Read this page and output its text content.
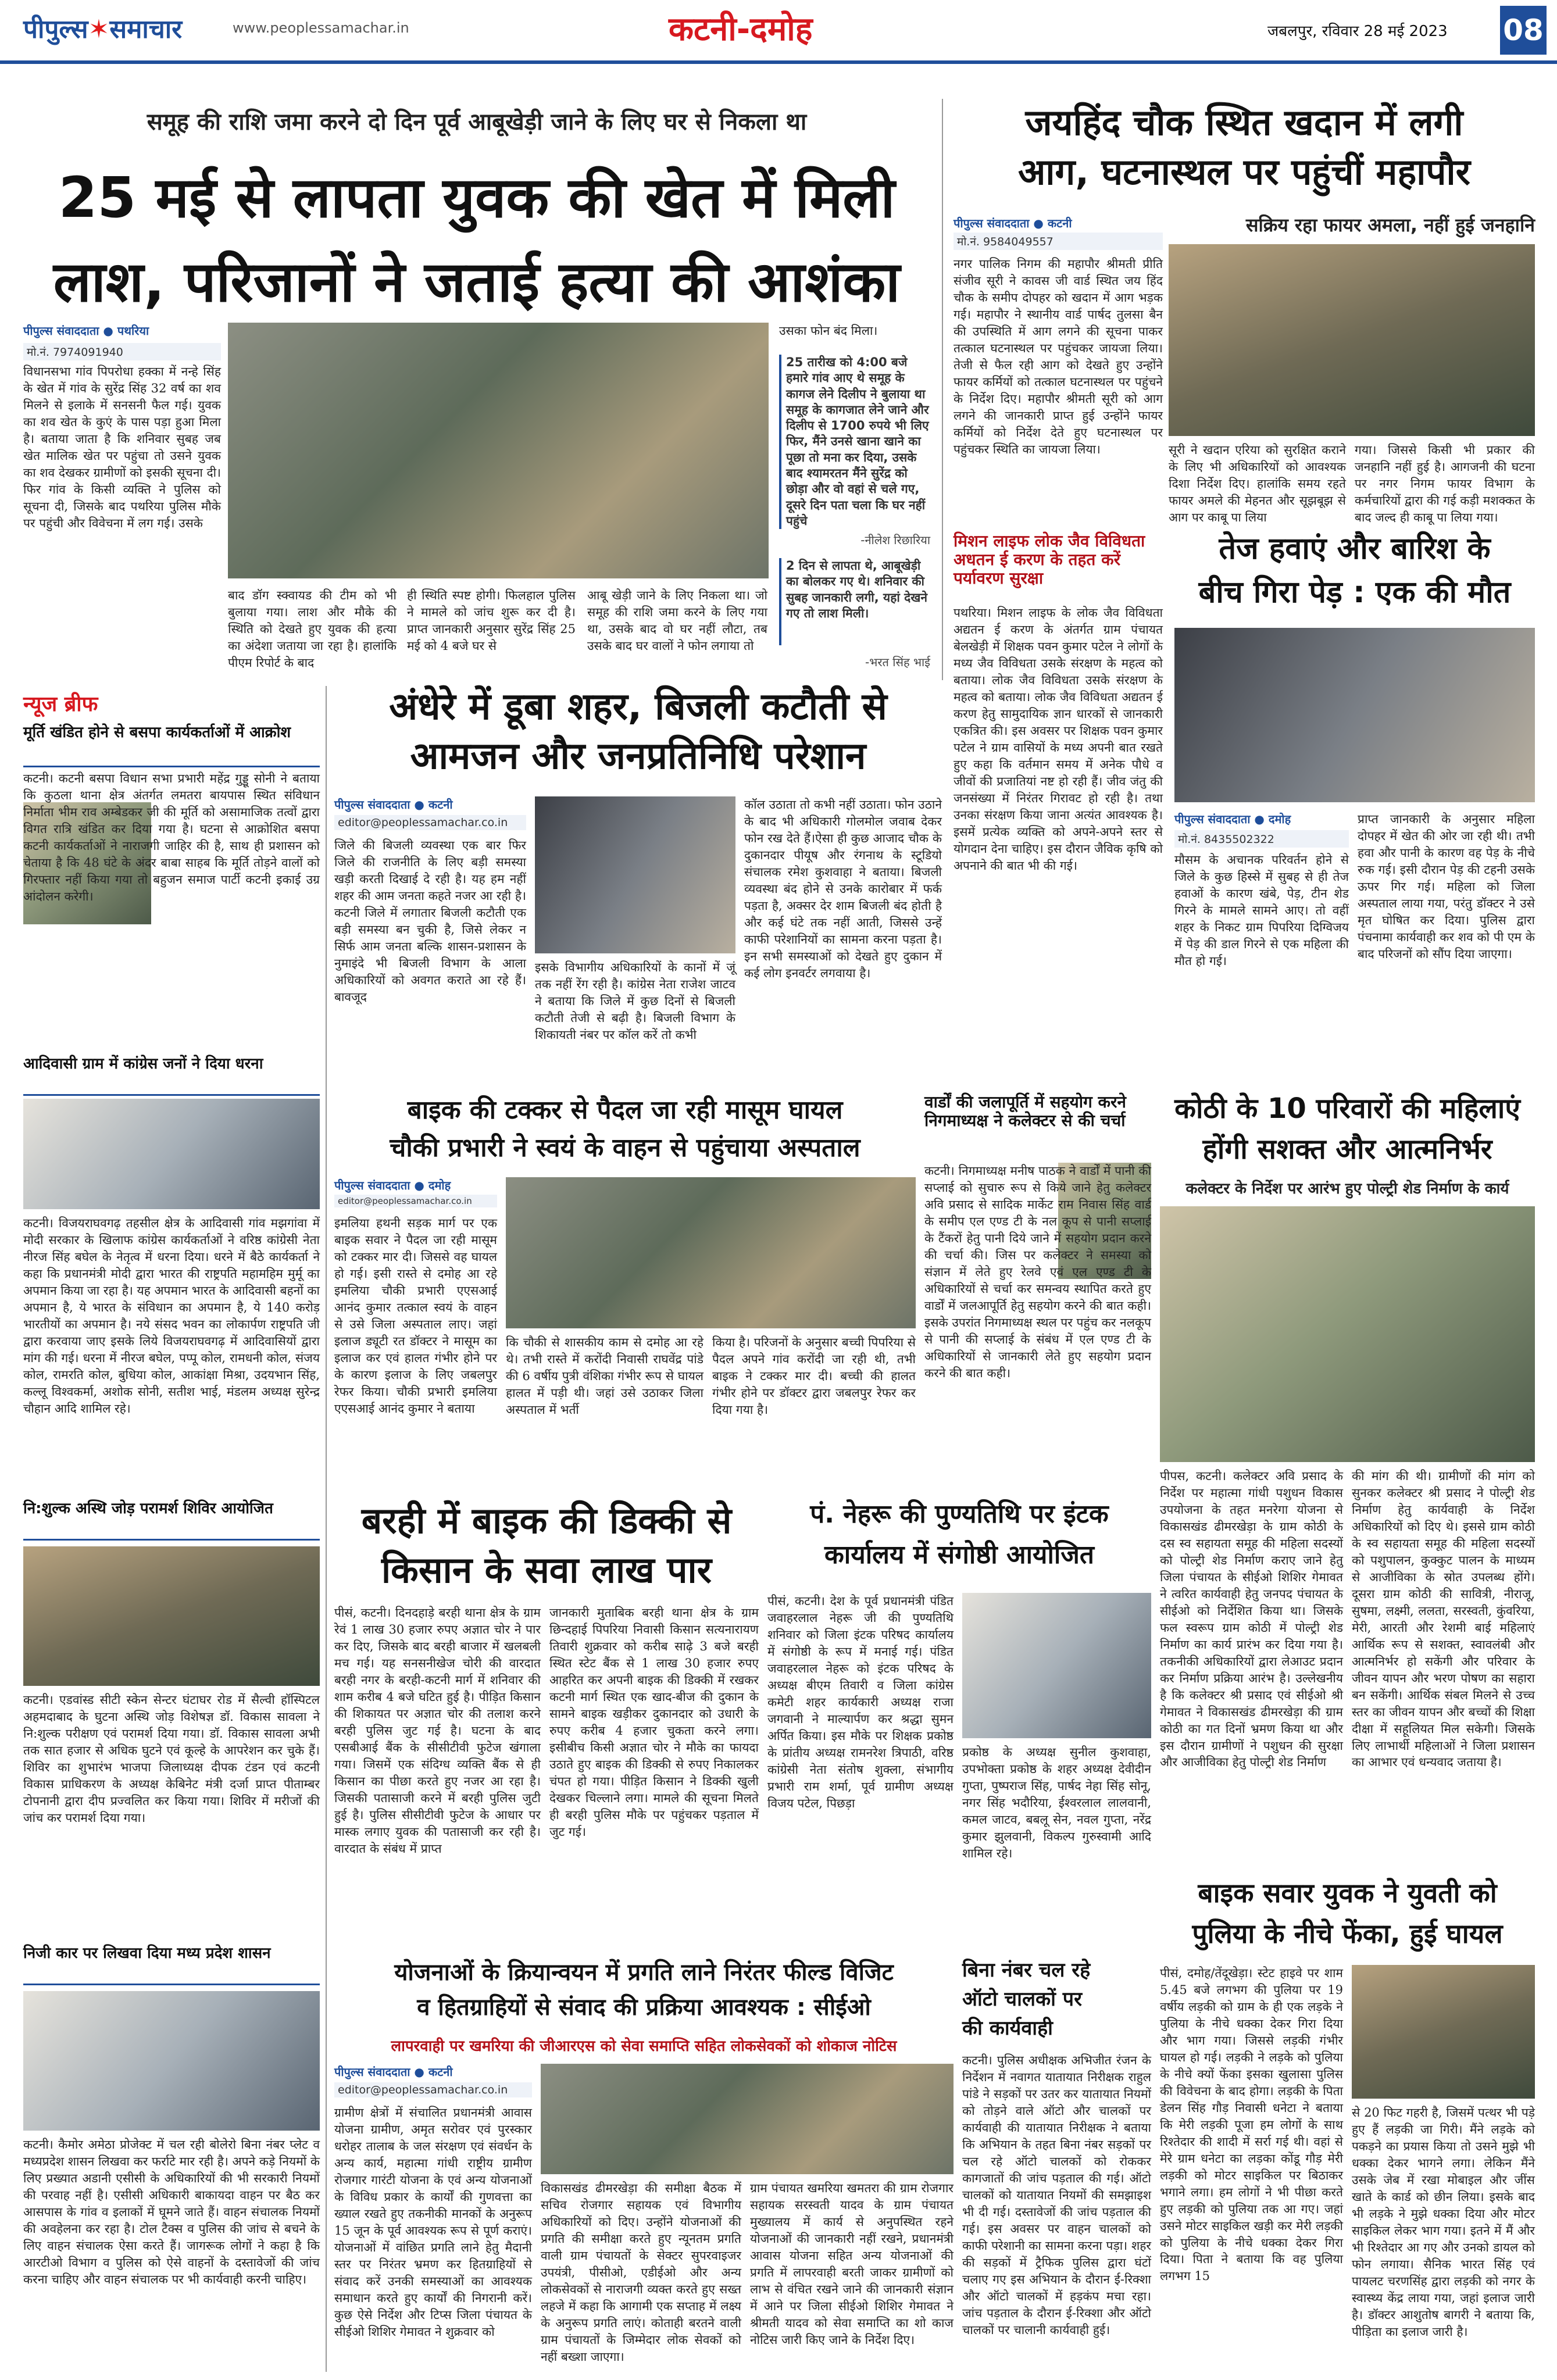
पीपुल्स✶समाचार	www.peoplessamachar.in	कटनी-दमोह	जबलपुर, रविवार 28 मई 2023 08
समूह की राशि जमा करने दो दिन पूर्व आबूखेड़ी जाने के लिए घर से निकला था
25 मई से लापता युवक की खेत में मिली
लाश, परिजानों ने जताई हत्या की आशंका
पीपुल्स संवाददाता ● पथरिया
मो.नं. 7974091940
विधानसभा गांव पिपरोधा हक्का में नन्हे सिंह के खेत में गांव के सुरेंद्र सिंह 32 वर्ष का शव मिलने से इलाके में सनसनी फैल गई। युवक का शव खेत के कुएं के पास पड़ा हुआ मिला है। बताया जाता है कि शनिवार सुबह जब खेत मालिक खेत पर पहुंचा तो उसने युवक का शव देखकर ग्रामीणों को इसकी सूचना दी। फिर गांव के किसी व्यक्ति ने पुलिस को सूचना दी, जिसके बाद पथरिया पुलिस मौके पर पहुंची और विवेचना में लग गई। उसके
बाद डॉग स्क्वायड की टीम को भी बुलाया गया। लाश और मौके की स्थिति को देखते हुए युवक की हत्या का अंदेशा जताया जा रहा है। हालांकि पीएम रिपोर्ट के बाद
ही स्थिति स्पष्ट होगी। फिलहाल पुलिस ने मामले को जांच शुरू कर दी है। प्राप्त जानकारी अनुसार सुरेंद्र सिंह 25 मई को 4 बजे घर से
आबू खेड़ी जाने के लिए निकला था। जो समूह की राशि जमा करने के लिए गया था, उसके बाद वो घर नहीं लौटा, तब उसके बाद घर वालों ने फोन लगाया तो
उसका फोन बंद मिला।
25 तारीख को 4:00 बजे हमारे गांव आए थे समूह के कागज लेने दिलीप ने बुलाया था समूह के कागजात लेने जाने और दिलीप से 1700 रुपये भी लिए फिर, मैंने उनसे खाना खाने का पूछा तो मना कर दिया, उसके बाद श्यामरतन मैंने सुरेंद्र को छोड़ा और वो वहां से चले गए, दूसरे दिन पता चला कि घर नहीं पहुंचे
-नीलेश रिछारिया
2 दिन से लापता थे, आबूखेड़ी का बोलकर गए थे। शनिवार की सुबह जानकारी लगी, यहां देखने गए तो लाश मिली।
-भरत सिंह भाई
जयहिंद चौक स्थित खदान में लगी
आग, घटनास्थल पर पहुंचीं महापौर
पीपुल्स संवाददाता ● कटनी	सक्रिय रहा फायर अमला, नहीं हुई जनहानि
मो.नं. 9584049557
नगर पालिक निगम की महापौर श्रीमती प्रीति संजीव सूरी ने कावस जी वार्ड स्थित जय हिंद चौक के समीप दोपहर को खदान में आग भड़क गई। महापौर ने स्थानीय वार्ड पार्षद तुलसा बैन की उपस्थिति में आग लगने की सूचना पाकर तत्काल घटनास्थल पर पहुंचकर जायजा लिया। तेजी से फैल रही आग को देखते हुए उन्होंने फायर कर्मियों को तत्काल घटनास्थल पर पहुंचने के निर्देश दिए। महापौर श्रीमती सूरी को आग लगने की जानकारी प्राप्त हुई उन्होंने फायर कर्मियों को निर्देश देते हुए घटनास्थल पर पहुंचकर स्थिति का जायजा लिया।	सूरी ने खदान एरिया को सुरक्षित कराने के लिए भी अधिकारियों को आवश्यक दिशा निर्देश दिए। हालांकि समय रहते फायर अमले की मेहनत और सूझबूझ से आग पर काबू पा लिया
गया। जिससे किसी भी प्रकार की जनहानि नहीं हुई है। आगजनी की घटना पर नगर निगम फायर विभाग के कर्मचारियों द्वारा की गई कड़ी मशक्कत के बाद जल्द ही काबू पा लिया गया।
मिशन लाइफ लोक जैव विविधता अधतन ई करण के तहत करें पर्यावरण सुरक्षा
पथरिया। मिशन लाइफ के लोक जैव विविधता अद्यतन ई करण के अंतर्गत ग्राम पंचायत बेलखेड़ी में शिक्षक पवन कुमार पटेल ने लोगों के मध्य जैव विविधता उसके संरक्षण के महत्व को बताया। लोक जैव विविधता उसके संरक्षण के महत्व को बताया। लोक जैव विविधता अद्यतन ई करण हेतु सामुदायिक ज्ञान धारकों से जानकारी एकत्रित की। इस अवसर पर शिक्षक पवन कुमार पटेल ने ग्राम वासियों के मध्य अपनी बात रखते हुए कहा कि वर्तमान समय में अनेक पौधे व जीवों की प्रजातियां नष्ट हो रही हैं। जीव जंतु की जनसंख्या में निरंतर गिरावट हो रही है। तथा उनका संरक्षण किया जाना अत्यंत आवश्यक है। इसमें प्रत्येक व्यक्ति को अपने-अपने स्तर से योगदान देना चाहिए। इस दौरान जैविक कृषि को अपनाने की बात भी की गई।
तेज हवाएं और बारिश के
बीच गिरा पेड़ : एक की मौत
पीपुल्स संवाददाता ● दमोह
मो.नं. 8435502322
मौसम के अचानक परिवर्तन होने से जिले के कुछ हिस्से में सुबह से ही तेज हवाओं के कारण खंबे, पेड़, टीन शेड गिरने के मामले सामने आए। तो वहीं शहर के निकट ग्राम पिपरिया दिग्विजय में पेड़ की डाल गिरने से एक महिला की मौत हो गई।
प्राप्त जानकारी के अनुसार महिला दोपहर में खेत की ओर जा रही थी। तभी हवा और पानी के कारण वह पेड़ के नीचे रुक गई। इसी दौरान पेड़ की टहनी उसके ऊपर गिर गई। महिला को जिला अस्पताल लाया गया, परंतु डॉक्टर ने उसे मृत घोषित कर दिया। पुलिस द्वारा पंचनामा कार्यवाही कर शव को पी एम के बाद परिजनों को सौंप दिया जाएगा।
न्यूज ब्रीफ
मूर्ति खंडित होने से बसपा कार्यकर्ताओं में आक्रोश
कटनी। कटनी बसपा विधान सभा प्रभारी महेंद्र गुड्डू सोनी ने बताया कि कुठला थाना क्षेत्र अंतर्गत लमतरा बायपास स्थित संविधान निर्माता भीम राव अम्बेडकर जी की मूर्ति को असामाजिक तत्वों द्वारा विगत रात्रि खंडित कर दिया गया है। घटना से आक्रोशित बसपा कटनी कार्यकर्ताओं ने नाराजगी जाहिर की है, साथ ही प्रशासन को चेताया है कि 48 घंटे के अंदर बाबा साहब कि मूर्ति तोड़ने वालों को गिरफ्तार नहीं किया गया तो बहुजन समाज पार्टी कटनी इकाई उग्र आंदोलन करेगी।
आदिवासी ग्राम में कांग्रेस जनों ने दिया धरना
कटनी। विजयराघवगढ़ तहसील क्षेत्र के आदिवासी गांव मझगांवा में मोदी सरकार के खिलाफ कांग्रेस कार्यकर्ताओं ने वरिष्ठ कांग्रेसी नेता नीरज सिंह बघेल के नेतृत्व में धरना दिया। धरने में बैठे कार्यकर्ता ने कहा कि प्रधानमंत्री मोदी द्वारा भारत की राष्ट्रपति महामहिम मुर्मू का अपमान किया जा रहा है। यह अपमान भारत के आदिवासी बहनों का अपमान है, ये भारत के संविधान का अपमान है, ये 140 करोड़ भारतीयों का अपमान है। नये संसद भवन का लोकार्पण राष्ट्रपति जी द्वारा करवाया जाए इसके लिये विजयराघवगढ़ में आदिवासियों द्वारा मांग की गई। धरना में नीरज बघेल, पप्पू कोल, रामधनी कोल, संजय कोल, रामरति कोल, बुधिया कोल, आकांक्षा मिश्रा, उदयभान सिंह, कल्लू विश्वकर्मा, अशोक सोनी, सतीश भाई, मंडलम अध्यक्ष सुरेन्द्र चौहान आदि शामिल रहे।
नि:शुल्क अस्थि जोड़ परामर्श शिविर आयोजित
कटनी। एडवांस्ड सीटी स्केन सेन्टर घंटाघर रोड में सैल्वी हॉस्पिटल अहमदाबाद के घुटना अस्थि जोड़ विशेषज्ञ डॉ. विकास सावला ने नि:शुल्क परीक्षण एवं परामर्श दिया गया। डॉ. विकास सावला अभी तक सात हजार से अधिक घुटने एवं कूल्हे के आपरेशन कर चुके हैं। शिविर का शुभारंभ भाजपा जिलाध्यक्ष दीपक टंडन एवं कटनी विकास प्राधिकरण के अध्यक्ष केबिनेट मंत्री दर्जा प्राप्त पीताम्बर टोपनानी द्वारा दीप प्रज्वलित कर किया गया। शिविर में मरीजों की जांच कर परामर्श दिया गया।
निजी कार पर लिखवा दिया मध्य प्रदेश शासन
कटनी। कैमोर अमेठा प्रोजेक्ट में चल रही बोलेरो बिना नंबर प्लेट व मध्यप्रदेश शासन लिखवा कर फर्राटे मार रही है। अपने कड़े नियमों के लिए प्रख्यात अडानी एसीसी के अधिकारियों की भी सरकारी नियमों की परवाह नहीं है। एसीसी अधिकारी बाकायदा वाहन पर बैठ कर आसपास के गांव व इलाकों में घूमने जाते हैं। वाहन संचालक नियमों की अवहेलना कर रहा है। टोल टैक्स व पुलिस की जांच से बचने के लिए वाहन संचालक ऐसा करते हैं। जागरूक लोगों ने कहा है कि आरटीओ विभाग व पुलिस को ऐसे वाहनों के दस्तावेजों की जांच करना चाहिए और वाहन संचालक पर भी कार्यवाही करनी चाहिए।
अंधेरे में डूबा शहर, बिजली कटौती से
आमजन और जनप्रतिनिधि परेशान
पीपुल्स संवाददाता ● कटनी
editor@peoplessamachar.co.in
जिले की बिजली व्यवस्था एक बार फिर जिले की राजनीति के लिए बड़ी समस्या खड़ी करती दिखाई दे रही है। यह हम नहीं शहर की आम जनता कहते नजर आ रही है। कटनी जिले में लगातार बिजली कटौती एक बड़ी समस्या बन चुकी है, जिसे लेकर न सिर्फ आम जनता बल्कि शासन-प्रशासन के नुमाइंदे भी बिजली विभाग के आला अधिकारियों को अवगत कराते आ रहे हैं। बावजूद
इसके विभागीय अधिकारियों के कानों में जूं तक नहीं रेंग रही है। कांग्रेस नेता राजेश जाटव ने बताया कि जिले में कुछ दिनों से बिजली कटौती तेजी से बढ़ी है। बिजली विभाग के शिकायती नंबर पर कॉल करें तो कभी
कॉल उठाता तो कभी नहीं उठाता। फोन उठाने के बाद भी अधिकारी गोलमोल जवाब देकर फोन रख देते हैं।ऐसा ही कुछ आजाद चौक के दुकानदार पीयूष और रंगनाथ के स्टूडियो संचालक रमेश कुशवाहा ने बताया। बिजली व्यवस्था बंद होने से उनके कारोबार में फर्क पड़ता है, अक्सर देर शाम बिजली बंद होती है और कई घंटे तक नहीं आती, जिससे उन्हें काफी परेशानियों का सामना करना पड़ता है। इन सभी समस्याओं को देखते हुए दुकान में कई लोग इनवर्टर लगवाया है।
बाइक की टक्कर से पैदल जा रही मासूम घायल
चौकी प्रभारी ने स्वयं के वाहन से पहुंचाया अस्पताल
पीपुल्स संवाददाता ● दमोह
editor@peoplessamachar.co.in
इमलिया हथनी सड़क मार्ग पर एक बाइक सवार ने पैदल जा रही मासूम को टक्कर मार दी। जिससे वह घायल हो गई। इसी रास्ते से दमोह आ रहे इमलिया चौकी प्रभारी एएसआई आनंद कुमार तत्काल स्वयं के वाहन से उसे जिला अस्पताल लाए। जहां इलाज ड्यूटी रत डॉक्टर ने मासूम का इलाज कर एवं हालत गंभीर होने पर के कारण इलाज के लिए जबलपुर रेफर किया। चौकी प्रभारी इमलिया एएसआई आनंद कुमार ने बताया
कि चौकी से शासकीय काम से दमोह आ रहे थे। तभी रास्ते में करोंदी निवासी राघवेंद्र पांडे की 6 वर्षीय पुत्री वंशिका गंभीर रूप से घायल हालत में पड़ी थी। जहां उसे उठाकर जिला अस्पताल में भर्ती
किया है। परिजनों के अनुसार बच्ची पिपरिया से पैदल अपने गांव करोंदी जा रही थी, तभी बाइक ने टक्कर मार दी। बच्ची की हालत गंभीर होने पर डॉक्टर द्वारा जबलपुर रेफर कर दिया गया है।
वार्डों की जलापूर्ति में सहयोग करने निगमाध्यक्ष ने कलेक्टर से की चर्चा
कटनी। निगमाध्यक्ष मनीष पाठक ने वार्डों में पानी की सप्लाई को सुचारु रूप से किये जाने हेतु कलेक्टर अवि प्रसाद से सादिक मार्केट राम निवास सिंह वार्ड के समीप एल एण्ड टी के नल कूप से पानी सप्लाई के टैंकरों हेतु पानी दिये जाने में सहयोग प्रदान करने की चर्चा की। जिस पर कलेक्टर ने समस्या को संज्ञान में लेते हुए रेलवे एवं एल एण्ड टी के अधिकारियों से चर्चा कर समन्वय स्थापित करते हुए वार्डों में जलआपूर्ति हेतु सहयोग करने की बात कही। इसके उपरांत निगमाध्यक्ष स्थल पर पहुंच कर नलकूप से पानी की सप्लाई के संबंध में एल एण्ड टी के अधिकारियों से जानकारी लेते हुए सहयोग प्रदान करने की बात कही।
कोठी के 10 परिवारों की महिलाएं
होंगी सशक्त और आत्मनिर्भर
कलेक्टर के निर्देश पर आरंभ हुए पोल्ट्री शेड निर्माण के कार्य
पीपस, कटनी। कलेक्टर अवि प्रसाद के निर्देश पर महात्मा गांधी पशुधन विकास उपयोजना के तहत मनरेगा योजना से विकासखंड ढीमरखेड़ा के ग्राम कोठी के दस स्व सहायता समूह की महिला सदस्यों को पोल्ट्री शेड निर्माण कराए जाने हेतु जिला पंचायत के सीईओ शिशिर गेमावत ने त्वरित कार्यवाही हेतु जनपद पंचायत के सीईओ को निर्देशित किया था। जिसके फल स्वरूप ग्राम कोठी में पोल्ट्री शेड निर्माण का कार्य प्रारंभ कर दिया गया है। तकनीकी अधिकारियों द्वारा लेआउट प्रदान कर निर्माण प्रक्रिया आरंभ है। उल्लेखनीय है कि कलेक्टर श्री प्रसाद एवं सीईओ श्री गेमावत ने विकासखंड ढीमरखेड़ा की ग्राम कोठी का गत दिनों भ्रमण किया था और इस दौरान ग्रामीणों ने पशुधन की सुरक्षा और आजीविका हेतु पोल्ट्री शेड निर्माण
की मांग की थी। ग्रामीणों की मांग को सुनकर कलेक्टर श्री प्रसाद ने पोल्ट्री शेड निर्माण हेतु कार्यवाही के निर्देश अधिकारियों को दिए थे। इससे ग्राम कोठी के स्व सहायता समूह की महिला सदस्यों को पशुपालन, कुक्कुट पालन के माध्यम से आजीविका के स्रोत उपलब्ध होंगे। दूसरा ग्राम कोठी की सावित्री, नीराजू, सुषमा, लक्ष्मी, ललता, सरस्वती, कुंवरिया, मेरी, आरती और रेशमी बाई महिलाएं आर्थिक रूप से सशक्त, स्वावलंबी और आत्मनिर्भर हो सकेंगी और परिवार के जीवन यापन और भरण पोषण का सहारा बन सकेंगी। आर्थिक संबल मिलने से उच्च स्तर का जीवन यापन और बच्चों की शिक्षा दीक्षा में सहूलियत मिल सकेगी। जिसके लिए लाभार्थी महिलाओं ने जिला प्रशासन का आभार एवं धन्यवाद जताया है।
बरही में बाइक की डिक्की से
किसान के सवा लाख पार
पीसं, कटनी। दिनदहाड़े बरही थाना क्षेत्र के ग्राम रेवं 1 लाख 30 हजार रुपए अज्ञात चोर ने पार कर दिए, जिसके बाद बरही बाजार में खलबली मच गई। यह सनसनीखेज चोरी की वारदात बरही नगर के बरही-कटनी मार्ग में शनिवार की शाम करीब 4 बजे घटित हुई है। पीड़ित किसान की शिकायत पर अज्ञात चोर की तलाश करने बरही पुलिस जुट गई है। घटना के बाद एसबीआई बैंक के सीसीटीवी फुटेज खंगाला गया। जिसमें एक संदिग्ध व्यक्ति बैंक से ही किसान का पीछा करते हुए नजर आ रहा है। जिसकी पतासाजी करने में बरही पुलिस जुटी हुई है। पुलिस सीसीटीवी फुटेज के आधार पर मास्क लगाए युवक की पतासाजी कर रही है। वारदात के संबंध में प्राप्त
जानकारी मुताबिक बरही थाना क्षेत्र के ग्राम छिन्दहाई पिपरिया निवासी किसान सत्यनारायण तिवारी शुक्रवार को करीब साढ़े 3 बजे बरही स्थित स्टेट बैंक से 1 लाख 30 हजार रुपए आहरित कर अपनी बाइक की डिक्की में रखकर कटनी मार्ग स्थित एक खाद-बीज की दुकान के सामने बाइक खड़ीकर दुकानदार को उधारी के रुपए करीब 4 हजार चुकता करने लगा। इसीबीच किसी अज्ञात चोर ने मौके का फायदा उठाते हुए बाइक की डिक्की से रुपए निकालकर चंपत हो गया। पीड़ित किसान ने डिक्की खुली देखकर चिल्लाने लगा। मामले की सूचना मिलते ही बरही पुलिस मौके पर पहुंचकर पड़ताल में जुट गई।
पं. नेहरू की पुण्यतिथि पर इंटक
कार्यालय में संगोष्ठी आयोजित
पीसं, कटनी। देश के पूर्व प्रधानमंत्री पंडित जवाहरलाल नेहरू जी की पुण्यतिथि शनिवार को जिला इंटक परिषद कार्यालय में संगोष्ठी के रूप में मनाई गई। पंडित जवाहरलाल नेहरू को इंटक परिषद के अध्यक्ष बीएम तिवारी व जिला कांग्रेस कमेटी शहर कार्यकारी अध्यक्ष राजा जगवानी ने माल्यार्पण कर श्रद्धा सुमन अर्पित किया। इस मौके पर शिक्षक प्रकोष्ठ के प्रांतीय अध्यक्ष रामनरेश त्रिपाठी, वरिष्ठ कांग्रेसी नेता संतोष शुक्ला, संभागीय प्रभारी राम शर्मा, पूर्व ग्रामीण अध्यक्ष विजय पटेल, पिछड़ा
प्रकोष्ठ के अध्यक्ष सुनील कुशवाहा, उपभोक्ता प्रकोष्ठ के शहर अध्यक्ष देवीदीन गुप्ता, पुष्पराज सिंह, पार्षद नेहा सिंह सोनू, नगर सिंह भदौरिया, ईश्वरलाल लालवानी, कमल जाटव, बबलू सेन, नवल गुप्ता, नरेंद्र कुमार झुलवानी, विकल्प गुरुस्वामी आदि शामिल रहे।
योजनाओं के क्रियान्वयन में प्रगति लाने निरंतर फील्ड विजिट
व हितग्राहियों से संवाद की प्रक्रिया आवश्यक : सीईओ
लापरवाही पर खमरिया की जीआरएस को सेवा समाप्ति सहित लोकसेवकों को शोकाज नोटिस
पीपुल्स संवाददाता ● कटनी
editor@peoplessamachar.co.in
ग्रामीण क्षेत्रों में संचालित प्रधानमंत्री आवास योजना ग्रामीण, अमृत सरोवर एवं पुरस्कार धरोहर तालाब के जल संरक्षण एवं संवर्धन के अन्य कार्य, महात्मा गांधी राष्ट्रीय ग्रामीण रोजगार गारंटी योजना के एवं अन्य योजनाओं के विविध प्रकार के कार्यों की गुणवत्ता का ख्याल रखते हुए तकनीकी मानकों के अनुरूप 15 जून के पूर्व आवश्यक रूप से पूर्ण कराएं। योजनाओं में वांछित प्रगति लाने हेतु मैदानी स्तर पर निरंतर भ्रमण कर हितग्राहियों से संवाद करें उनकी समस्याओं का आवश्यक समाधान करते हुए कार्यों की निगरानी करें। कुछ ऐसे निर्देश और टिप्स जिला पंचायत के सीईओ शिशिर गेमावत ने शुक्रवार को
विकासखंड ढीमरखेड़ा की समीक्षा बैठक में सचिव रोजगार सहायक एवं विभागीय अधिकारियों को दिए। उन्होंने योजनाओं की प्रगति की समीक्षा करते हुए न्यूनतम प्रगति वाली ग्राम पंचायतों के सेक्टर सुपरवाइजर उपयंत्री, पीसीओ, एडीईओ और अन्य लोकसेवकों से नाराजगी व्यक्त करते हुए सख्त लहजे में कहा कि आगामी एक सप्ताह में लक्ष्य के अनुरूप प्रगति लाएं। कोताही बरतने वाली ग्राम पंचायतों के जिम्मेदार लोक सेवकों को नहीं बख्शा जाएगा।
ग्राम पंचायत खमरिया खमतरा की ग्राम रोजगार सहायक सरस्वती यादव के ग्राम पंचायत मुख्यालय में कार्य से अनुपस्थित रहने योजनाओं की जानकारी नहीं रखने, प्रधानमंत्री आवास योजना सहित अन्य योजनाओं की प्रगति में लापरवाही बरती जाकर ग्रामीणों को लाभ से वंचित रखने जाने की जानकारी संज्ञान में आने पर जिला सीईओ शिशिर गेमावत ने श्रीमती यादव को सेवा समाप्ति का शो काज नोटिस जारी किए जाने के निर्देश दिए।
बिना नंबर चल रहे
ऑटो चालकों पर
की कार्यवाही
कटनी। पुलिस अधीक्षक अभिजीत रंजन के निर्देशन में नवागत यातायात निरीक्षक राहुल पांडे ने सड़कों पर उतर कर यातायात नियमों को तोड़ने वाले ऑटो और चालकों पर कार्यवाही की यातायात निरीक्षक ने बताया कि अभियान के तहत बिना नंबर सड़कों पर चल रहे ऑटो चालकों को रोककर कागजातों की जांच पड़ताल की गई। ऑटो चालकों को यातायात नियमों की समझाइश भी दी गई। दस्तावेजों की जांच पड़ताल की गई। इस अवसर पर वाहन चालकों को काफी परेशानी का सामना करना पड़ा। शहर की सड़कों में ट्रैफिक पुलिस द्वारा घंटों चलाए गए इस अभियान के दौरान ई-रिक्शा और ऑटो चालकों में हड़कंप मचा रहा। जांच पड़ताल के दौरान ई-रिक्शा और ऑटो चालकों पर चालानी कार्यवाही हुई।
बाइक सवार युवक ने युवती को
पुलिया के नीचे फेंका, हुई घायल
पीसं, दमोह/तेंदूखेड़ा। स्टेट हाइवे पर शाम 5.45 बजे लगभग की पुलिया पर 19 वर्षीय लड़की को ग्राम के ही एक लड़के ने पुलिया के नीचे धक्का देकर गिरा दिया और भाग गया। जिससे लड़की गंभीर घायल हो गई। लड़की ने लड़के को पुलिया के नीचे क्यों फेंका इसका खुलासा पुलिस की विवेचना के बाद होगा। लड़की के पिता डेलन सिंह गौड़ निवासी धनेटा ने बताया कि मेरी लड़की पूजा हम लोगों के साथ रिश्तेदार की शादी में सर्रा गई थी। वहां से मेरे ग्राम धनेटा का लड़का कोंडू गौड़ मेरी लड़की को मोटर साइकिल पर बिठाकर भगाने लगा। हम लोगों ने भी पीछा करते हुए लड़की को पुलिया तक आ गए। जहां उसने मोटर साइकिल खड़ी कर मेरी लड़की को पुलिया के नीचे धक्का देकर गिरा दिया। पिता ने बताया कि वह पुलिया लगभग 15
से 20 फिट गहरी है, जिसमें पत्थर भी पड़े हुए हैं लड़की जा गिरी। मैंने लड़के को पकड़ने का प्रयास किया तो उसने मुझे भी धक्का देकर भागने लगा। लेकिन मैंने उसके जेब में रखा मोबाइल और जींस खाते के कार्ड को छीन लिया। इसके बाद भी लड़के ने मुझे धक्का दिया और मोटर साइकिल लेकर भाग गया। इतने में मैं और भी रिश्तेदार आ गए और उनको डायल को फोन लगाया। सैनिक भारत सिंह एवं पायलट चरणसिंह द्वारा लड़की को नगर के स्वास्थ्य केंद्र लाया गया, जहां इलाज जारी है। डॉक्टर आशुतोष बागरी ने बताया कि, पीड़िता का इलाज जारी है।
